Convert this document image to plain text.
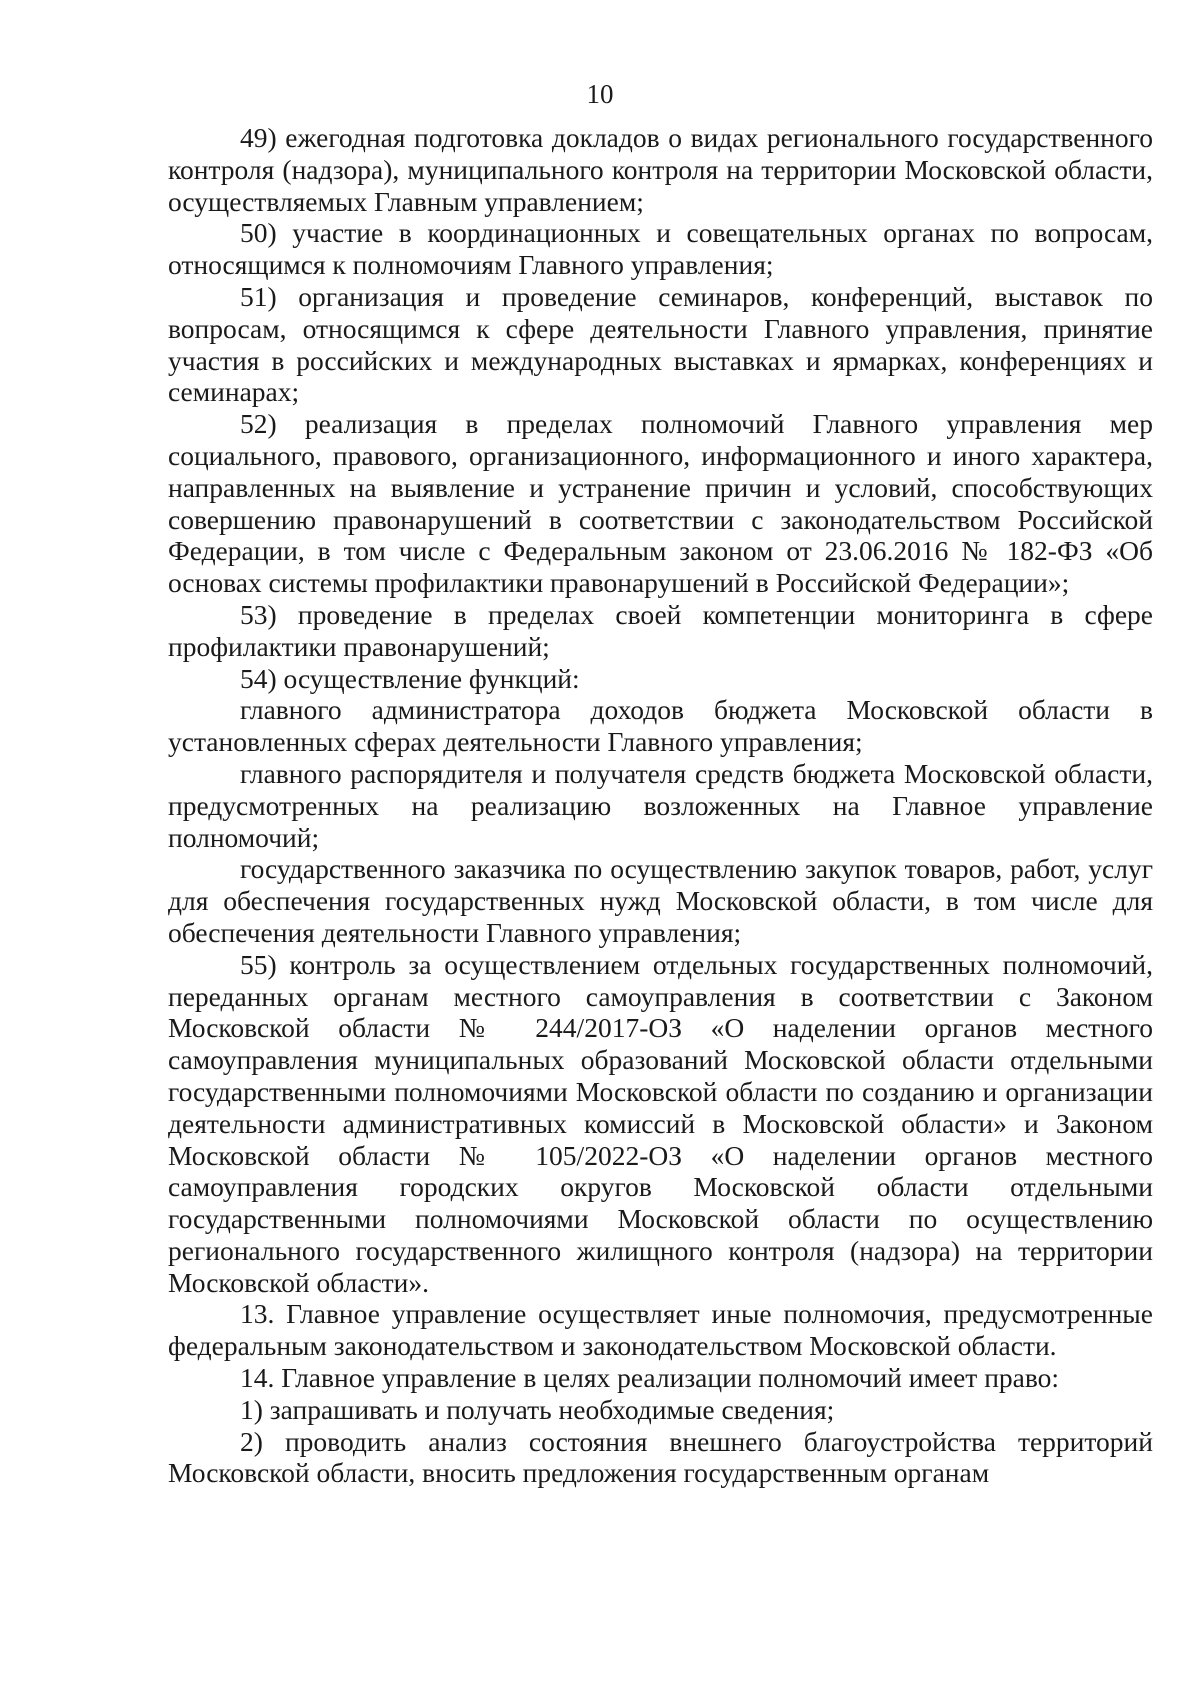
10

49) ежегодная подготовка докладов о видах регионального государственного контроля (надзора), муниципального контроля на территории Московской области, осуществляемых Главным управлением;

50) участие в координационных и совещательных органах по вопросам, относящимся к полномочиям Главного управления;

51) организация и проведение семинаров, конференций, выставок по вопросам, относящимся к сфере деятельности Главного управления, принятие участия в российских и международных выставках и ярмарках, конференциях и семинарах;

52) реализация в пределах полномочий Главного управления мер социального, правового, организационного, информационного и иного характера, направленных на выявление и устранение причин и условий, способствующих совершению правонарушений в соответствии с законодательством Российской Федерации, в том числе с Федеральным законом от 23.06.2016 № 182-ФЗ «Об основах системы профилактики правонарушений в Российской Федерации»;

53) проведение в пределах своей компетенции мониторинга в сфере профилактики правонарушений;

54) осуществление функций:

главного администратора доходов бюджета Московской области в установленных сферах деятельности Главного управления;

главного распорядителя и получателя средств бюджета Московской области, предусмотренных на реализацию возложенных на Главное управление полномочий;

государственного заказчика по осуществлению закупок товаров, работ, услуг для обеспечения государственных нужд Московской области, в том числе для обеспечения деятельности Главного управления;

55) контроль за осуществлением отдельных государственных полномочий, переданных органам местного самоуправления в соответствии с Законом Московской области № 244/2017-ОЗ «О наделении органов местного самоуправления муниципальных образований Московской области отдельными государственными полномочиями Московской области по созданию и организации деятельности административных комиссий в Московской области» и Законом Московской области № 105/2022-ОЗ «О наделении органов местного самоуправления городских округов Московской области отдельными государственными полномочиями Московской области по осуществлению регионального государственного жилищного контроля (надзора) на территории Московской области».

13. Главное управление осуществляет иные полномочия, предусмотренные федеральным законодательством и законодательством Московской области.

14. Главное управление в целях реализации полномочий имеет право:

1) запрашивать и получать необходимые сведения;

2) проводить анализ состояния внешнего благоустройства территорий Московской области, вносить предложения государственным органам
